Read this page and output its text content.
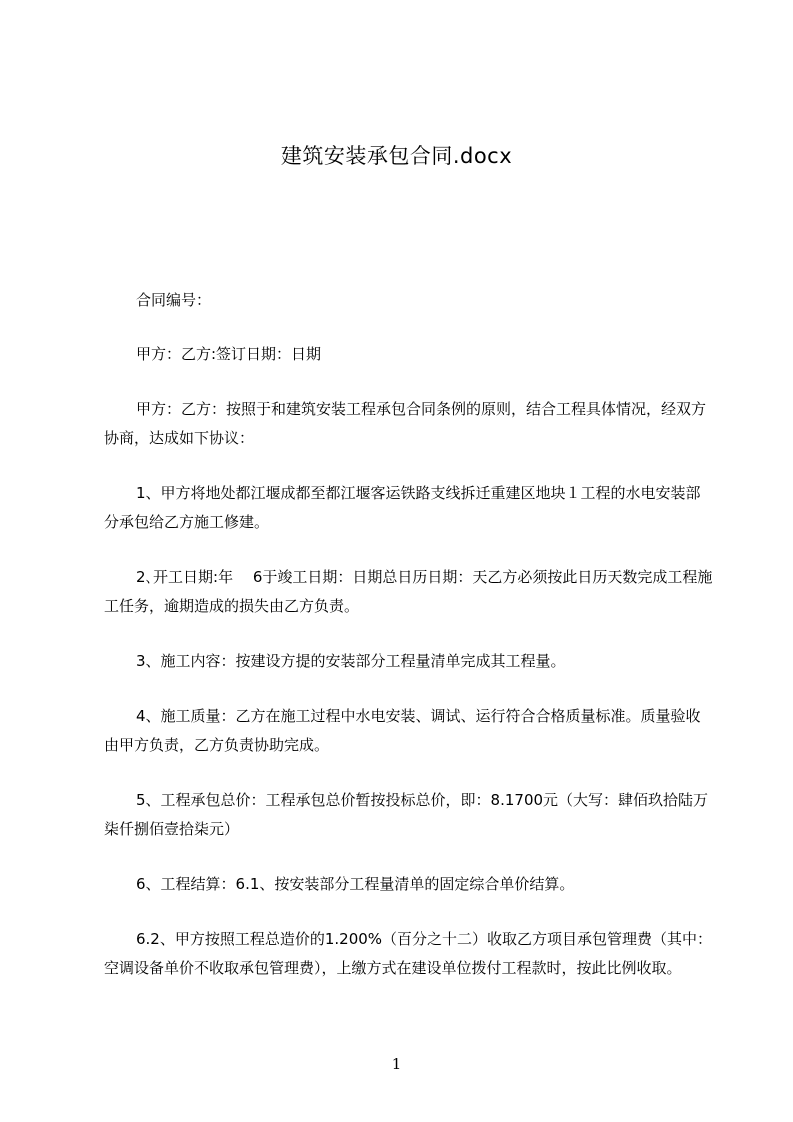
建筑安装承包合同.docx

合同编号：

甲方：乙方:签订日期：日期

甲方：乙方：按照于和建筑安装工程承包合同条例的原则，结合工程具体情况，经双方协商，达成如下协议：

1、甲方将地处都江堰成都至都江堰客运铁路支线拆迁重建区地块１工程的水电安装部分承包给乙方施工修建。

2､开工日期:年　 6于竣工日期：日期总日历日期：天乙方必须按此日历天数完成工程施工任务，逾期造成的损失由乙方负责。

3、施工内容：按建设方提的安装部分工程量清单完成其工程量。

4、施工质量：乙方在施工过程中水电安装、调试、运行符合合格质量标准。质量验收由甲方负责，乙方负责协助完成。

5、工程承包总价：工程承包总价暂按投标总价，即：8.1700元（大写：肆佰玖拾陆万柒仟捌佰壹拾柒元）

6、工程结算：6.1、按安装部分工程量清单的固定综合单价结算。

6.2、甲方按照工程总造价的1.200%（百分之十二）收取乙方项目承包管理费（其中：空调设备单价不收取承包管理费），上缴方式在建设单位拨付工程款时，按此比例收取。

1
